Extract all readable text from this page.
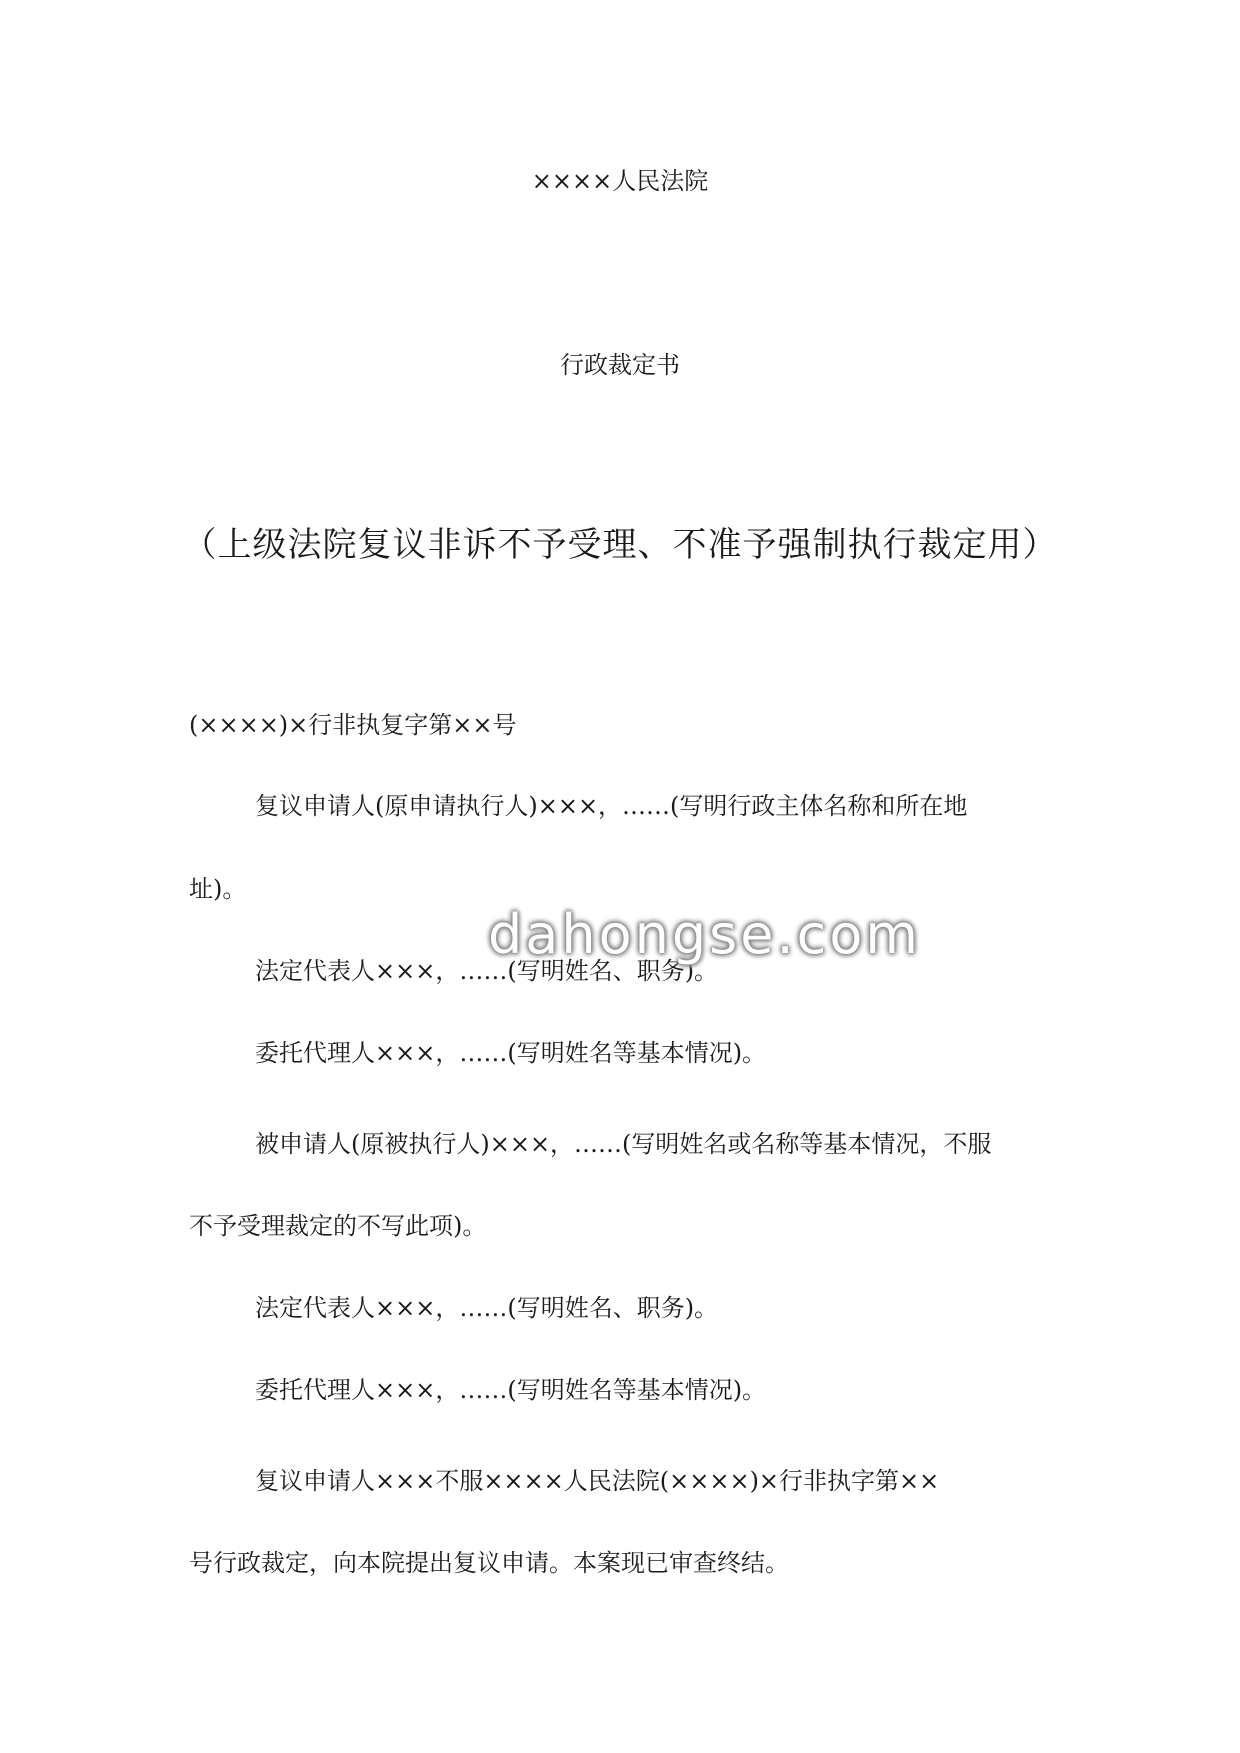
××××人民法院
行政裁定书
（上级法院复议非诉不予受理、不准予强制执行裁定用）
(××××)×行非执复字第××号
复议申请人(原申请执行人)×××，……(写明行政主体名称和所在地
址)。
法定代表人×××，……(写明姓名、职务)。
委托代理人×××，……(写明姓名等基本情况)。
被申请人(原被执行人)×××，……(写明姓名或名称等基本情况，不服
不予受理裁定的不写此项)。
法定代表人×××，……(写明姓名、职务)。
委托代理人×××，……(写明姓名等基本情况)。
复议申请人×××不服××××人民法院(××××)×行非执字第××
号行政裁定，向本院提出复议申请。本案现已审查终结。
dahongse.com
